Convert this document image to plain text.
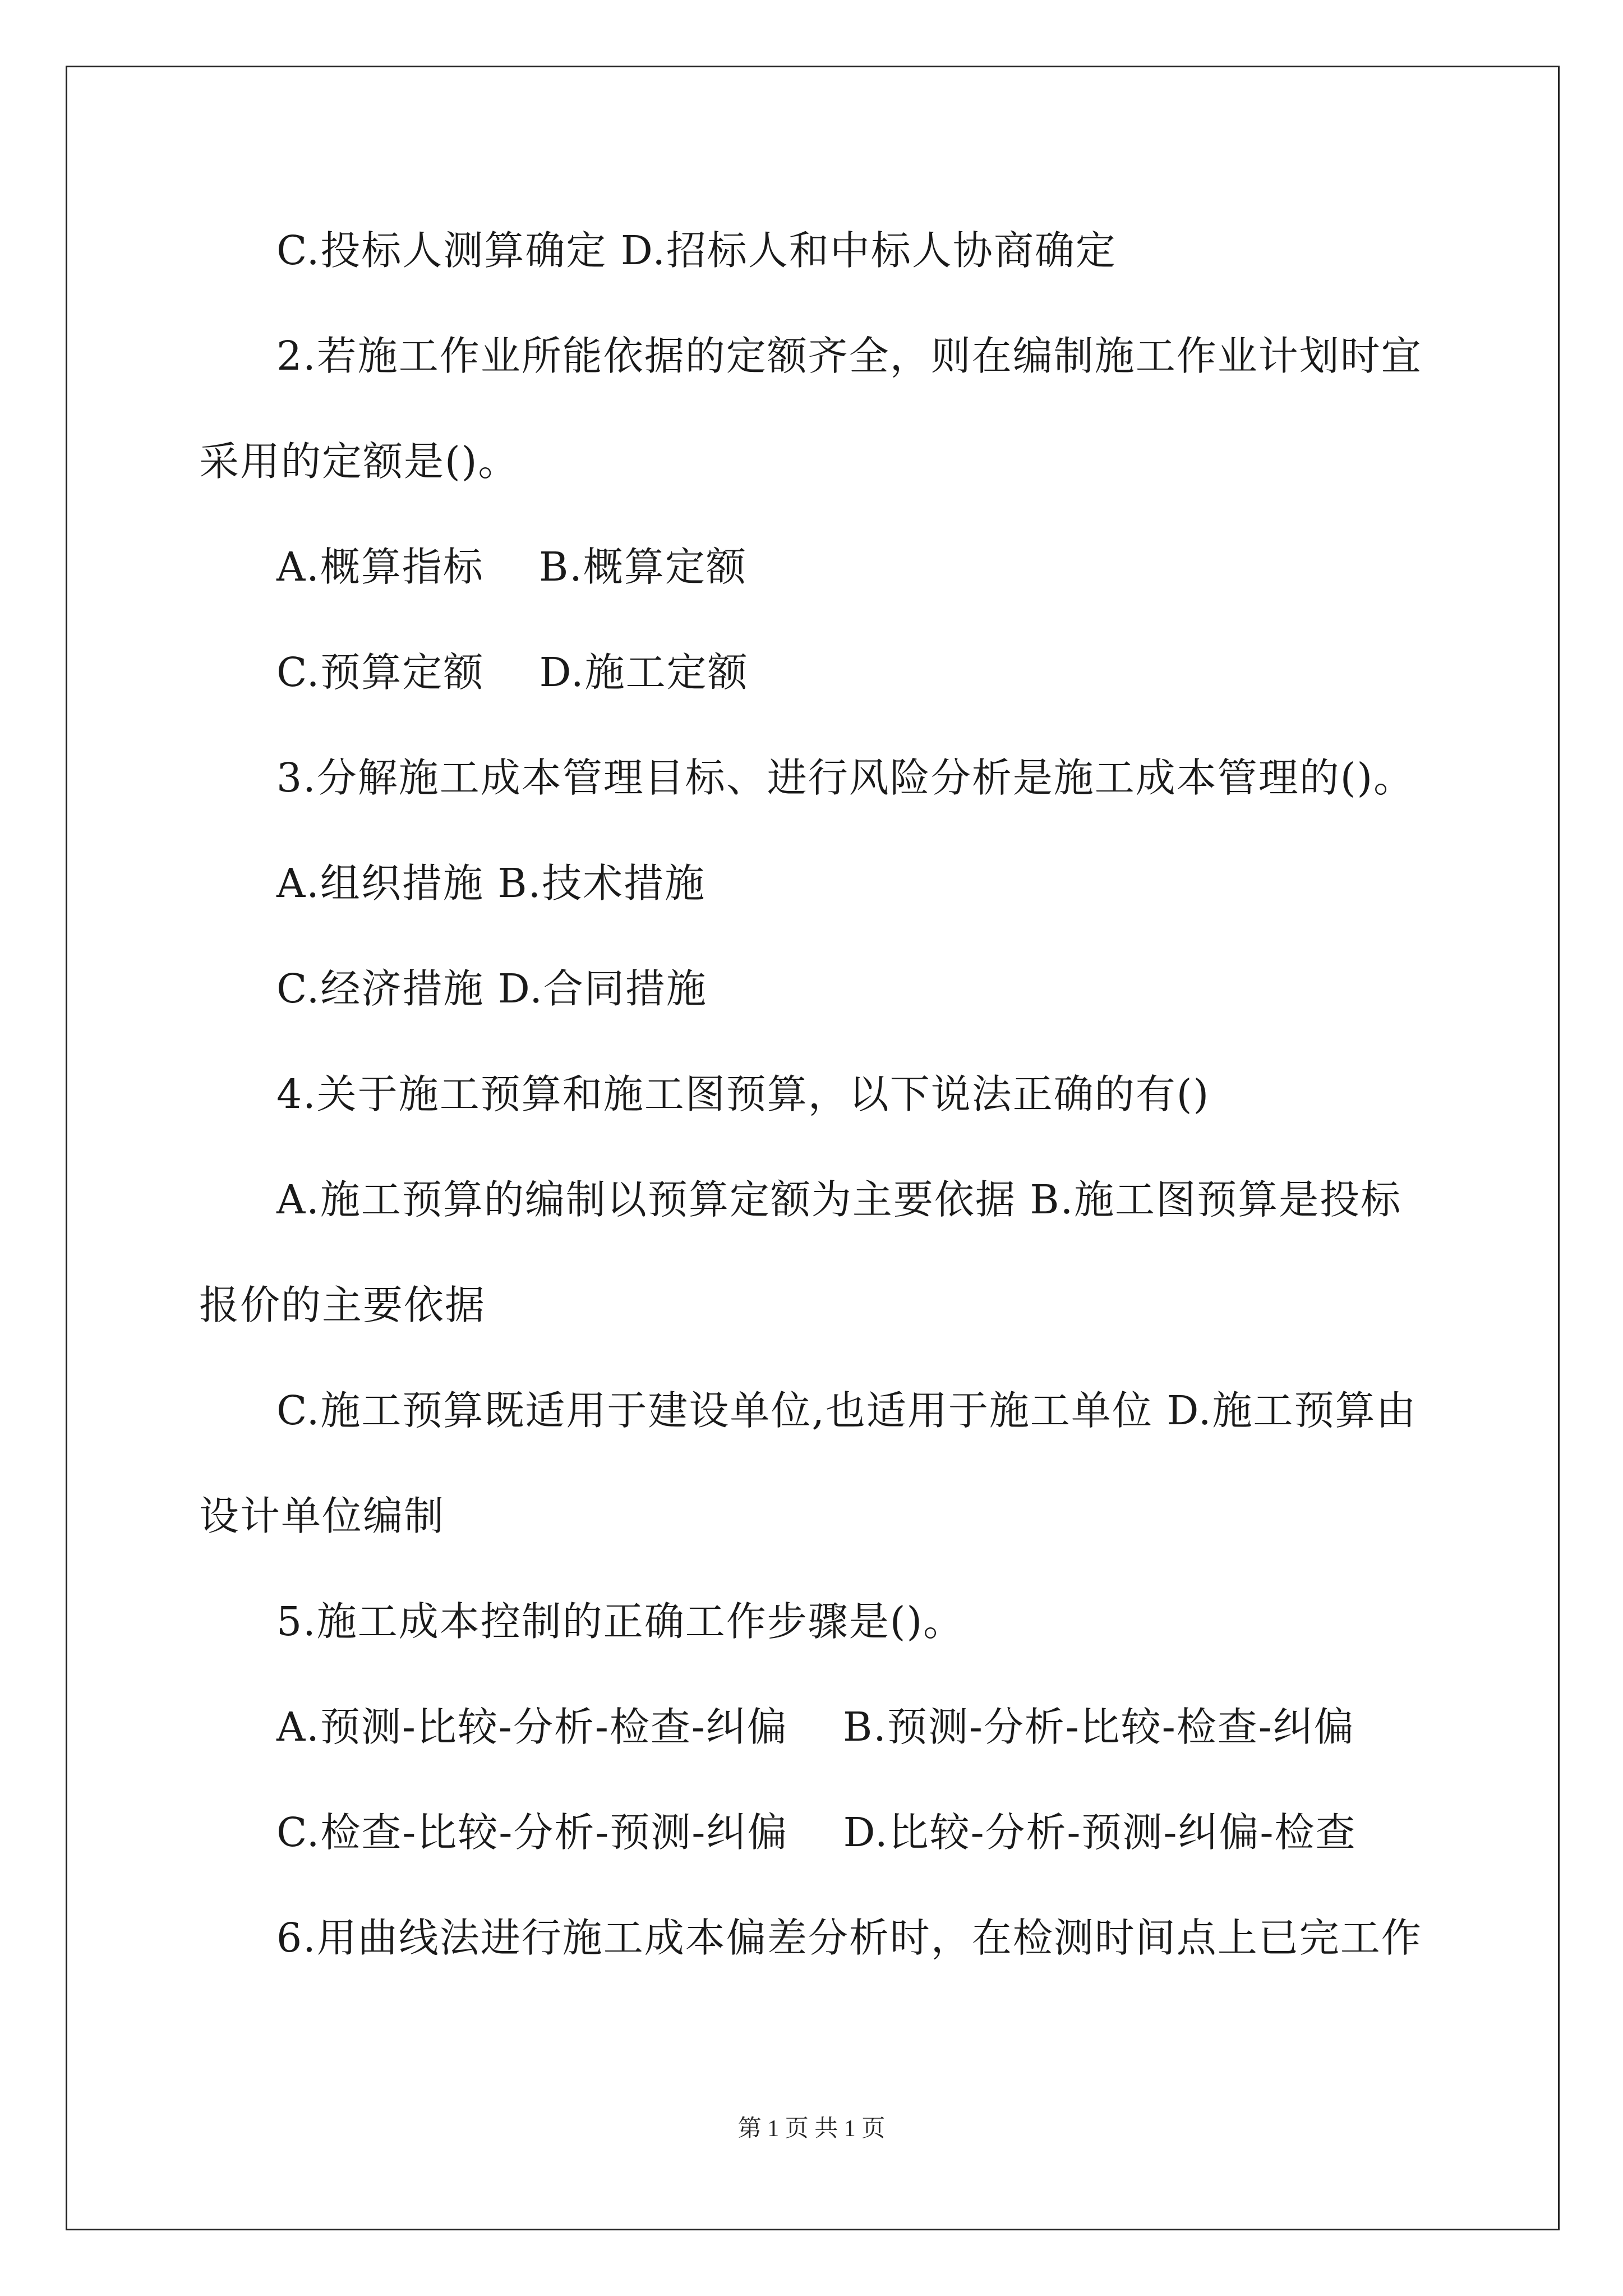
C.投标人测算确定 D.招标人和中标人协商确定
2.若施工作业所能依据的定额齐全，则在编制施工作业计划时宜
采用的定额是()。
A.概算指标    B.概算定额
C.预算定额    D.施工定额
3.分解施工成本管理目标、进行风险分析是施工成本管理的()。
A.组织措施 B.技术措施
C.经济措施 D.合同措施
4.关于施工预算和施工图预算，以下说法正确的有()
A.施工预算的编制以预算定额为主要依据 B.施工图预算是投标
报价的主要依据
C.施工预算既适用于建设单位,也适用于施工单位 D.施工预算由
设计单位编制
5.施工成本控制的正确工作步骤是()。
A.预测-比较-分析-检查-纠偏    B.预测-分析-比较-检查-纠偏
C.检查-比较-分析-预测-纠偏    D.比较-分析-预测-纠偏-检查
6.用曲线法进行施工成本偏差分析时，在检测时间点上已完工作
第 1 页 共 1 页
